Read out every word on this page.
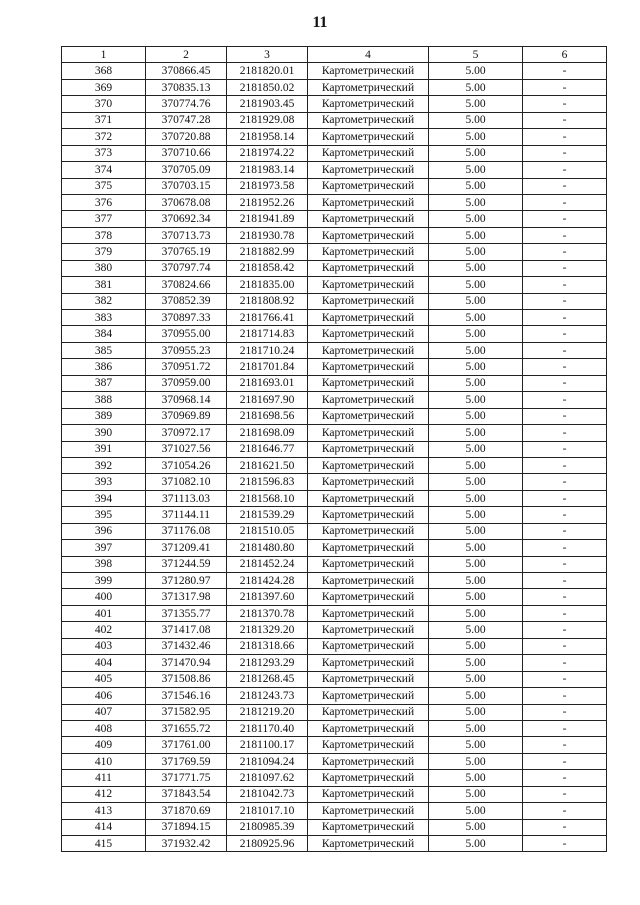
11
1	2	3	4	5	6
368	370866.45	2181820.01	Картометрический	5.00	-
369	370835.13	2181850.02	Картометрический	5.00	-
370	370774.76	2181903.45	Картометрический	5.00	-
371	370747.28	2181929.08	Картометрический	5.00	-
372	370720.88	2181958.14	Картометрический	5.00	-
373	370710.66	2181974.22	Картометрический	5.00	-
374	370705.09	2181983.14	Картометрический	5.00	-
375	370703.15	2181973.58	Картометрический	5.00	-
376	370678.08	2181952.26	Картометрический	5.00	-
377	370692.34	2181941.89	Картометрический	5.00	-
378	370713.73	2181930.78	Картометрический	5.00	-
379	370765.19	2181882.99	Картометрический	5.00	-
380	370797.74	2181858.42	Картометрический	5.00	-
381	370824.66	2181835.00	Картометрический	5.00	-
382	370852.39	2181808.92	Картометрический	5.00	-
383	370897.33	2181766.41	Картометрический	5.00	-
384	370955.00	2181714.83	Картометрический	5.00	-
385	370955.23	2181710.24	Картометрический	5.00	-
386	370951.72	2181701.84	Картометрический	5.00	-
387	370959.00	2181693.01	Картометрический	5.00	-
388	370968.14	2181697.90	Картометрический	5.00	-
389	370969.89	2181698.56	Картометрический	5.00	-
390	370972.17	2181698.09	Картометрический	5.00	-
391	371027.56	2181646.77	Картометрический	5.00	-
392	371054.26	2181621.50	Картометрический	5.00	-
393	371082.10	2181596.83	Картометрический	5.00	-
394	371113.03	2181568.10	Картометрический	5.00	-
395	371144.11	2181539.29	Картометрический	5.00	-
396	371176.08	2181510.05	Картометрический	5.00	-
397	371209.41	2181480.80	Картометрический	5.00	-
398	371244.59	2181452.24	Картометрический	5.00	-
399	371280.97	2181424.28	Картометрический	5.00	-
400	371317.98	2181397.60	Картометрический	5.00	-
401	371355.77	2181370.78	Картометрический	5.00	-
402	371417.08	2181329.20	Картометрический	5.00	-
403	371432.46	2181318.66	Картометрический	5.00	-
404	371470.94	2181293.29	Картометрический	5.00	-
405	371508.86	2181268.45	Картометрический	5.00	-
406	371546.16	2181243.73	Картометрический	5.00	-
407	371582.95	2181219.20	Картометрический	5.00	-
408	371655.72	2181170.40	Картометрический	5.00	-
409	371761.00	2181100.17	Картометрический	5.00	-
410	371769.59	2181094.24	Картометрический	5.00	-
411	371771.75	2181097.62	Картометрический	5.00	-
412	371843.54	2181042.73	Картометрический	5.00	-
413	371870.69	2181017.10	Картометрический	5.00	-
414	371894.15	2180985.39	Картометрический	5.00	-
415	371932.42	2180925.96	Картометрический	5.00	-
